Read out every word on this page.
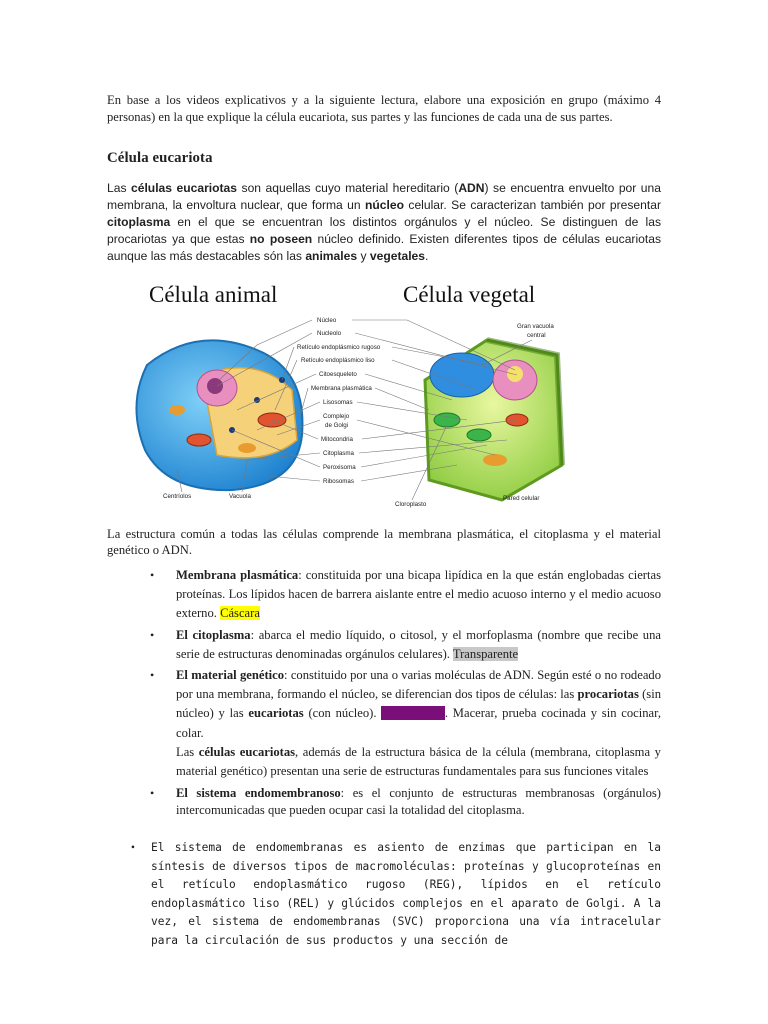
En base a los videos explicativos y a la siguiente lectura, elabore una exposición en grupo (máximo 4 personas) en la que explique la célula eucariota, sus partes y las funciones de cada una de sus partes.

Célula eucariota

Las células eucariotas son aquellas cuyo material hereditario (ADN) se encuentra envuelto por una membrana, la envoltura nuclear, que forma un núcleo celular. Se caracterizan también por presentar citoplasma en el que se encuentran los distintos orgánulos y el núcleo. Se distinguen de las procariotas ya que estas no poseen núcleo definido. Existen diferentes tipos de células eucariotas aunque las más destacables són las animales y vegetales.

Célula animal	Célula vegetal
Núcleo
Nucleolo
Retículo endoplásmico rugoso
Retículo endoplásmico liso
Citoesqueleto
Membrana plasmática
Lisosomas
Complejo
de Golgi
Mitocondria
Citoplasma
Peroxisoma
Ribosomas
Gran vacuola
central
Centríolos	Vacuola
Cloroplasto
Pared celular

La estructura común a todas las células comprende la membrana plasmática, el citoplasma y el material genético o ADN.

• Membrana plasmática: constituida por una bicapa lipídica en la que están englobadas ciertas proteínas. Los lípidos hacen de barrera aislante entre el medio acuoso interno y el medio acuoso externo. Cáscara
• El citoplasma: abarca el medio líquido, o citosol, y el morfoplasma (nombre que recibe una serie de estructuras denominadas orgánulos celulares). Transparente
• El material genético: constituido por una o varias moléculas de ADN. Según esté o no rodeado por una membrana, formando el núcleo, se diferencian dos tipos de células: las procariotas (sin núcleo) y las eucariotas (con núcleo). Uva morada. Macerar, prueba cocinada y sin cocinar, colar.
Las células eucariotas, además de la estructura básica de la célula (membrana, citoplasma y material genético) presentan una serie de estructuras fundamentales para sus funciones vitales
• El sistema endomembranoso: es el conjunto de estructuras membranosas (orgánulos) intercomunicadas que pueden ocupar casi la totalidad del citoplasma.
• El sistema de endomembranas es asiento de enzimas que participan en la síntesis de diversos tipos de macromoléculas: proteínas y glucoproteínas en el retículo endoplasmático rugoso (REG), lípidos en el retículo endoplasmático liso (REL) y glúcidos complejos en el aparato de Golgi. A la vez, el sistema de endomembranas (SVC) proporciona una vía intracelular para la circulación de sus productos y una sección de
